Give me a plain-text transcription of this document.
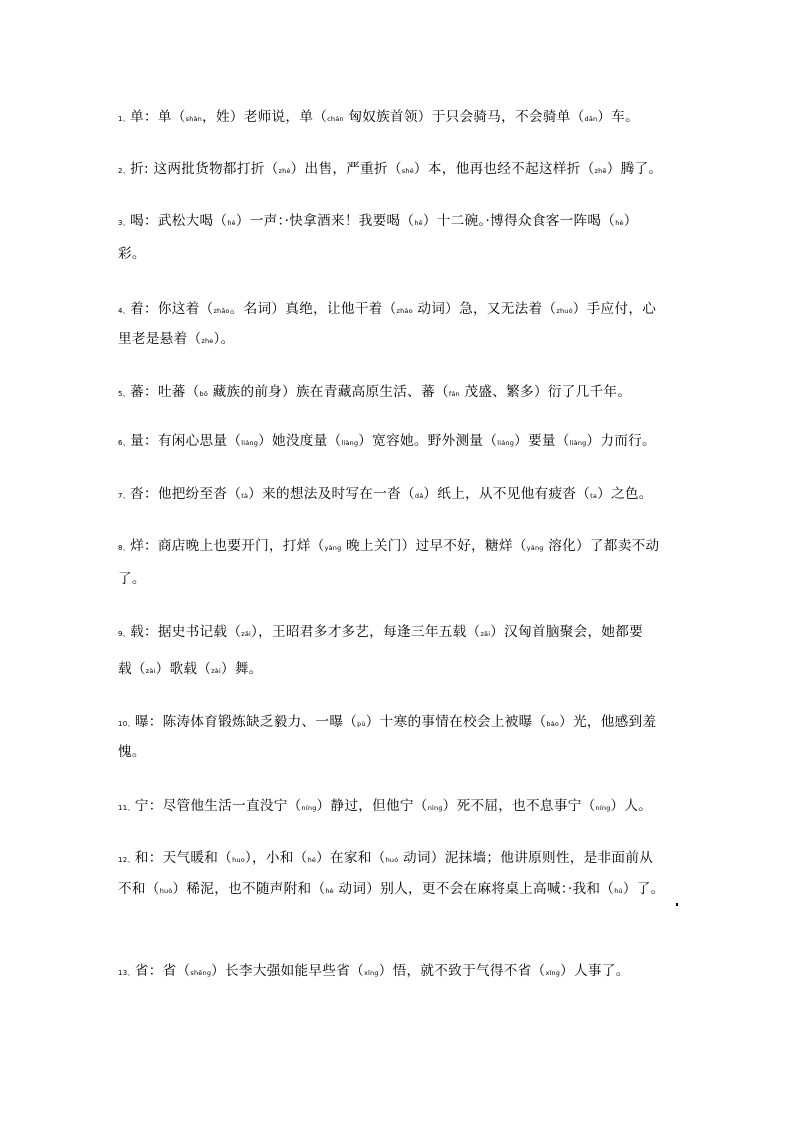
1、单：单（shàn，姓）老师说，单（chán 匈奴族首领）于只会骑马，不会骑单（dān）车。
2、折: 这两批货物都打折（zhé）出售，严重折（shé）本，他再也经不起这样折（zhē）腾了。
3、喝：武松大喝（hè）一声：·快拿酒来！我要喝（hē）十二碗。·博得众食客一阵喝（hè）
彩。
4、着：你这着（zhāo。名词）真绝，让他干着（zháo 动词）急，又无法着（zhuó）手应付，心
里老是悬着（zhe）。
5、蕃：吐蕃（bō 藏族的前身）族在青藏高原生活、蕃（fán 茂盛、繁多）衍了几千年。
6、量：有闲心思量（liáng）她没度量（liàng）宽容她。野外测量（liáng）要量（liàng）力而行。
7、沓：他把纷至沓（tà）来的想法及时写在一沓（dá）纸上，从不见他有疲沓（ta）之色。
8、烊：商店晚上也要开门，打烊（yàng 晚上关门）过早不好，糖烊（yáng 溶化）了都卖不动
了。
9、载：据史书记载（zǎi），王昭君多才多艺，每逢三年五载（zǎi）汉匈首脑聚会，她都要
载（zài）歌载（zài）舞。
10、曝：陈涛体育锻炼缺乏毅力、一曝（pù）十寒的事情在校会上被曝（bào）光，他感到羞
愧。
11、宁：尽管他生活一直没宁（níng）静过，但他宁（nìng）死不屈，也不息事宁（níng）人。
12、和：天气暖和（huo），小和（hé）在家和（huó 动词）泥抹墙；他讲原则性，是非面前从
不和（huò）稀泥，也不随声附和（hè 动词）别人，更不会在麻将桌上高喊：·我和（hú）了。
13、省：省（shěng）长李大强如能早些省（xǐng）悟，就不致于气得不省（xǐng）人事了。
